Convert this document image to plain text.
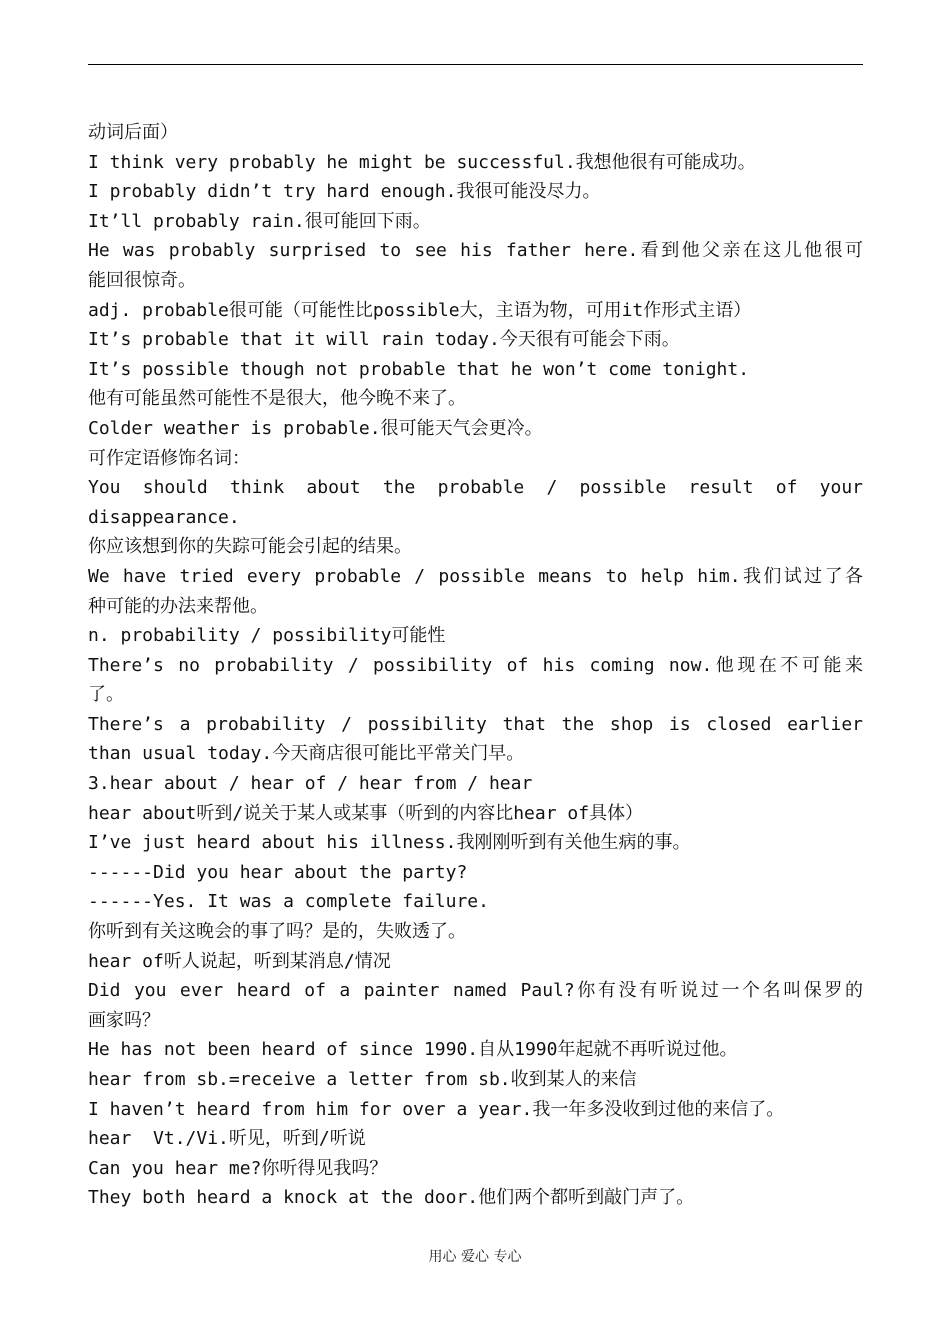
动词后面）
I think very probably he might be successful.我想他很有可能成功。
I probably didn’t try hard enough.我很可能没尽力。
It’ll probably rain.很可能回下雨。
He was probably surprised to see his father here.看到他父亲在这儿他很可
能回很惊奇。
adj. probable很可能（可能性比possible大，主语为物，可用it作形式主语）
It’s probable that it will rain today.今天很有可能会下雨。
It’s possible though not probable that he won’t come tonight.
他有可能虽然可能性不是很大，他今晚不来了。
Colder weather is probable.很可能天气会更冷。
可作定语修饰名词：
You should think about the probable / possible result of your
disappearance.
你应该想到你的失踪可能会引起的结果。
We have tried every probable / possible means to help him.我们试过了各
种可能的办法来帮他。
n. probability / possibility可能性
There’s no probability / possibility of his coming now.他现在不可能来
了。
There’s a probability / possibility that the shop is closed earlier
than usual today.今天商店很可能比平常关门早。
3.hear about / hear of / hear from / hear
hear about听到/说关于某人或某事（听到的内容比hear of具体）
I’ve just heard about his illness.我刚刚听到有关他生病的事。
------Did you hear about the party?
------Yes. It was a complete failure.
你听到有关这晚会的事了吗？是的，失败透了。
hear of听人说起，听到某消息/情况
Did you ever heard of a painter named Paul?你有没有听说过一个名叫保罗的
画家吗？
He has not been heard of since 1990.自从1990年起就不再听说过他。
hear from sb.=receive a letter from sb.收到某人的来信
I haven’t heard from him for over a year.我一年多没收到过他的来信了。
hear  Vt./Vi.听见，听到/听说
Can you hear me?你听得见我吗？
They both heard a knock at the door.他们两个都听到敲门声了。
用心 爱心 专心
